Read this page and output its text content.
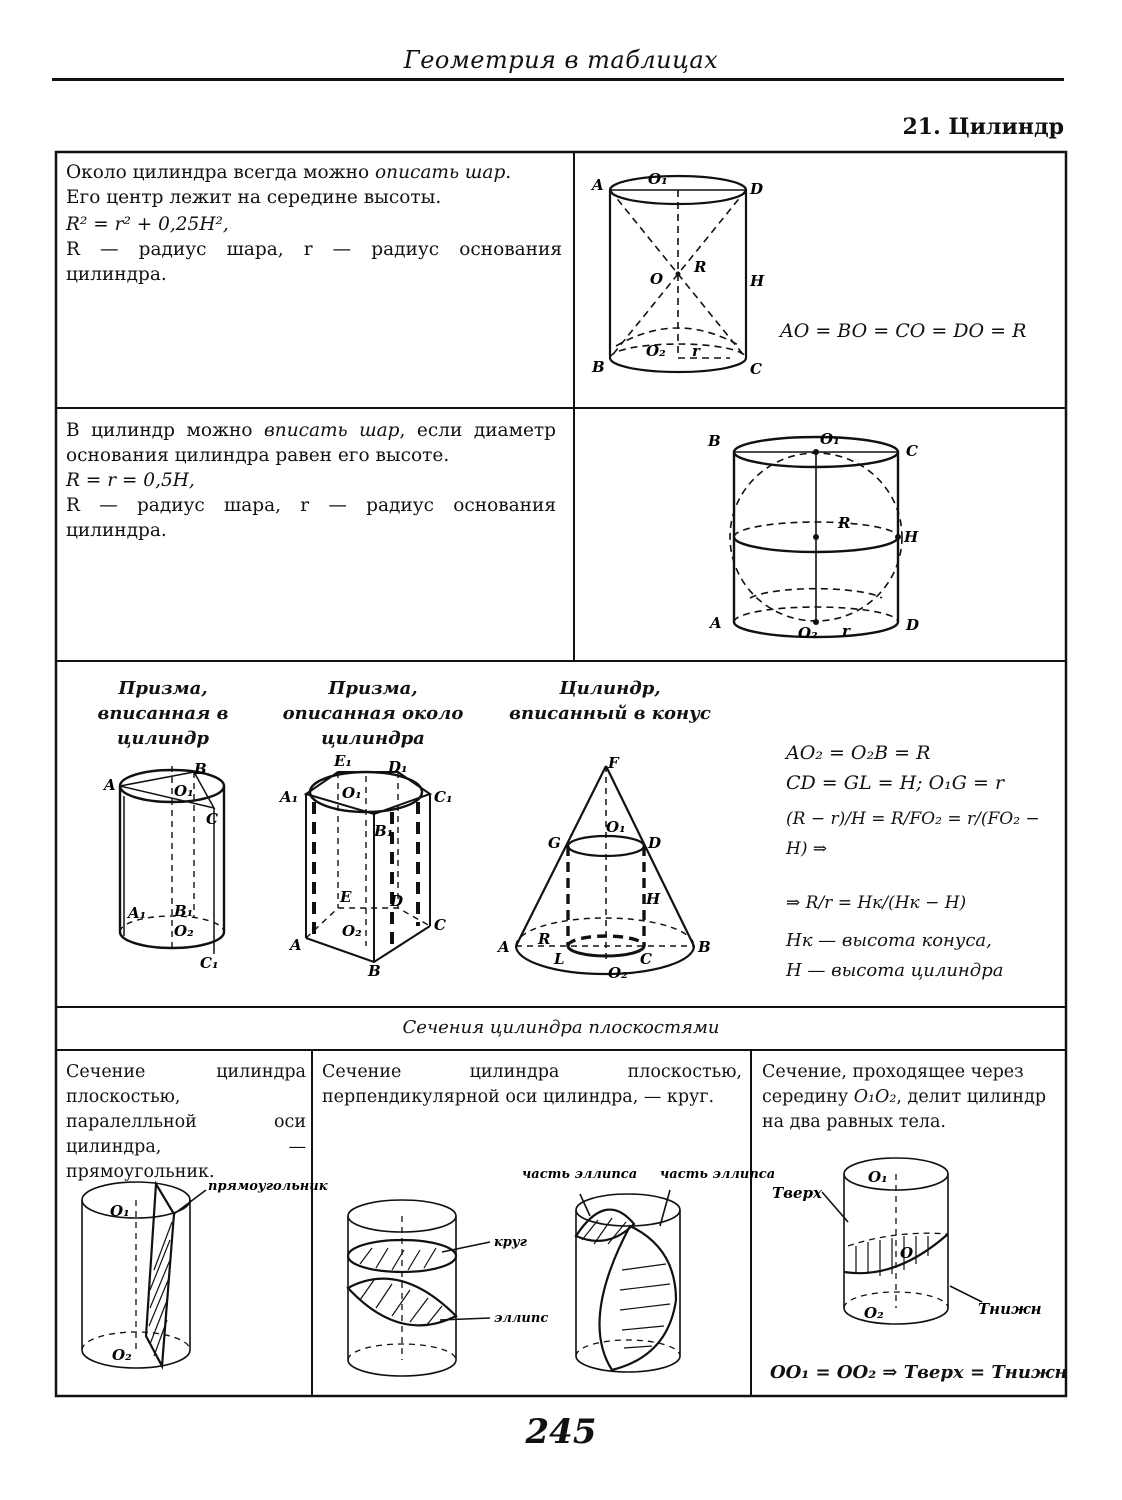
Геометрия в таблицах
21. Цилиндр
Около цилиндра всегда можно описать шар.
Его центр лежит на середине высоты.
R² = r² + 0,25H²,
R — радиус шара, r — радиус основания цилиндра.
A	D
O₁
O
R
H
O₂ r
B	C
AO = BO = CO = DO = R
В цилиндр можно вписать шар, если диаметр основания цилиндра равен его высоте.
R = r = 0,5H,
R — радиус шара, r — радиус основания цилиндра.
B
C
O₁
R
H
A	D
O₂ r
Призма, вписанная в цилиндр
Призма, описанная около цилиндра
Цилиндр, вписанный в конус
A
B
O₁
C
B₁
A₁
O₂
C₁
E₁ D₁
A₁	O₁	C₁
B₁
E	D
O₂	C
A
B
F
G
O₁
D
H
R
A	B
L	C
O₂
AO₂ = O₂B = R
CD = GL = H; O₁G = r
(R − r)/H = R/FO₂ = r/(FO₂ − H) ⇒
⇒ R/r = Hк/(Hк − H)
Hк — высота конуса,
H — высота цилиндра
Сечения цилиндра плоскостями
Сечение цилиндра плоскостью, паралелльной оси цилиндра, — прямоугольник.
Сечение цилиндра плоскостью, перпендикулярной оси цилиндра, — круг.
Сечение, проходящее через середину O₁O₂, делит цилиндр на два равных тела.
O₁
O₂
прямоугольник
круг
эллипс
часть эллипса часть эллипса	O₁
O
O₂
Tверх
Tнижн
OO₁ = OO₂ ⇒ Tверх = Tнижн
245
